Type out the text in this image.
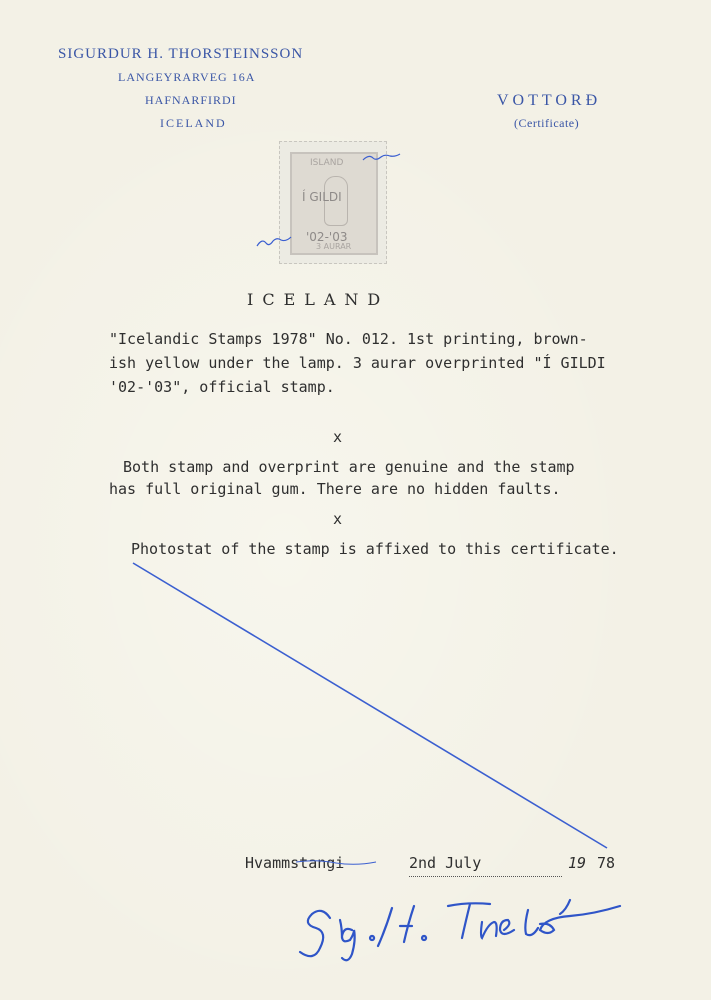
SIGURDUR H. THORSTEINSSON
LANGEYRARVEG 16A
HAFNARFIRDI
ICELAND
VOTTORÐ
(Certificate)
ISLAND
Í GILDI
'02-'03
3 AURAR
ICELAND
"Icelandic Stamps 1978" No. 012. 1st printing, brown-
ish yellow under the lamp. 3 aurar overprinted "Í GILDI
'02-'03", official stamp.
x
Both stamp and overprint are genuine and the stamp
has full original gum. There are no hidden faults.
x
Photostat of the stamp is affixed to this certificate.
Hvammstangi	2nd July	19 78
